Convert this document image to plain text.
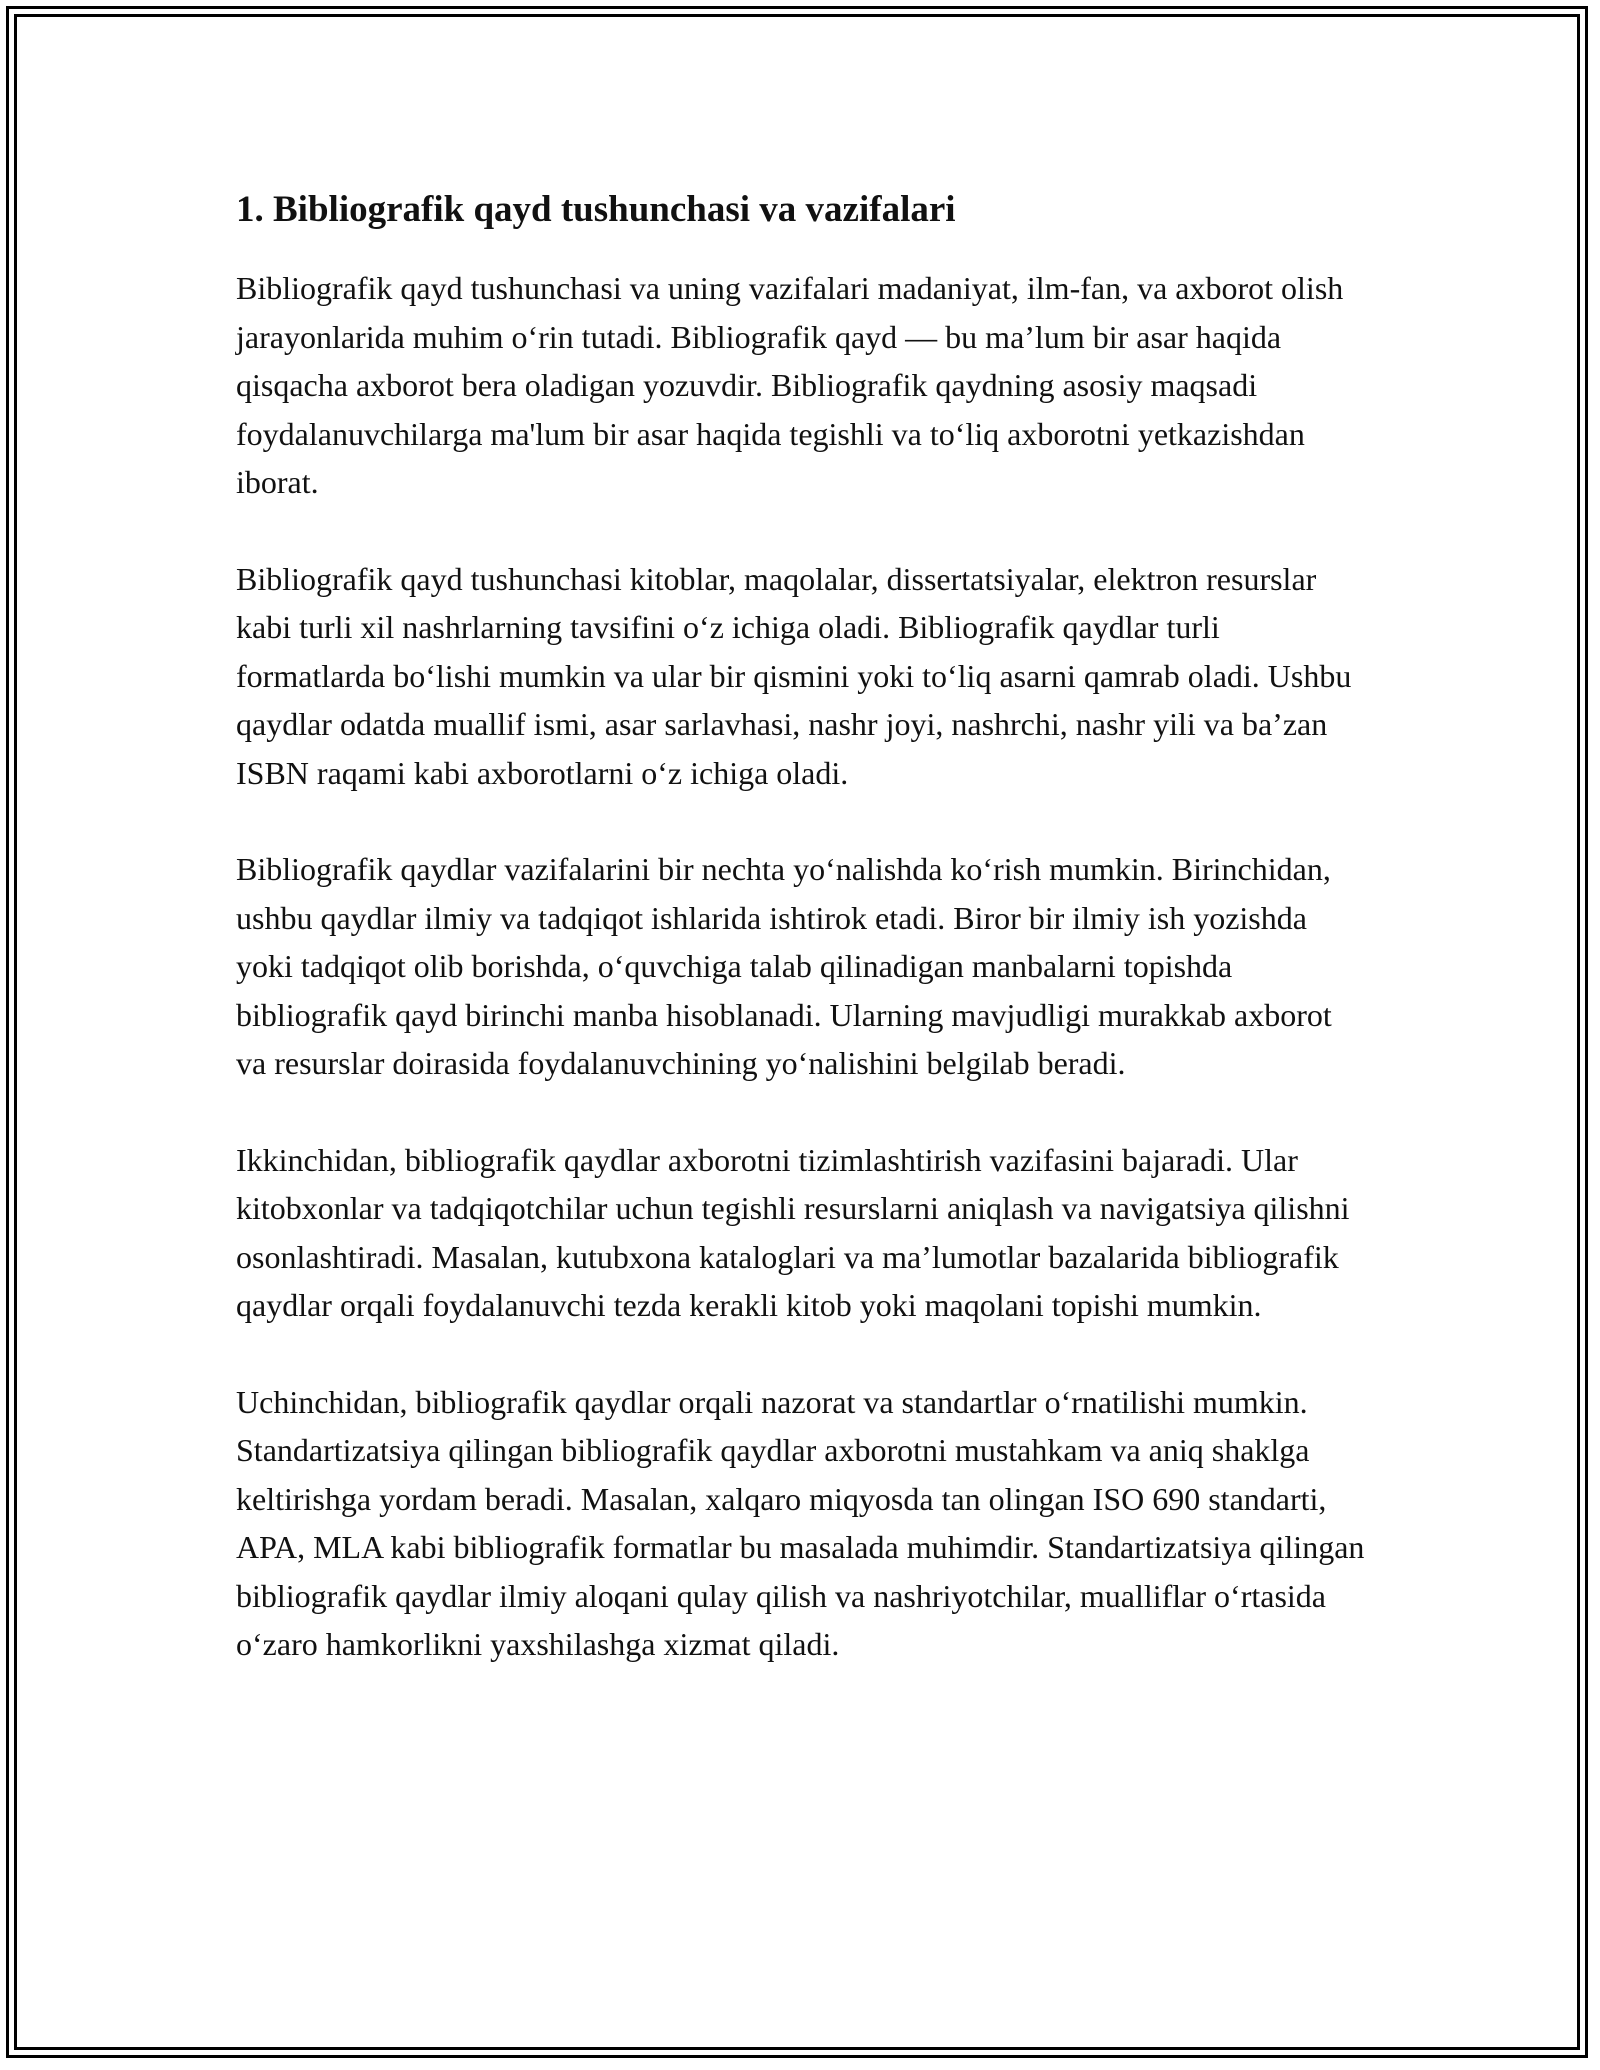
1. Bibliografik qayd tushunchasi va vazifalari

Bibliografik qayd tushunchasi va uning vazifalari madaniyat, ilm-fan, va axborot olish jarayonlarida muhim oʻrin tutadi. Bibliografik qayd — bu ma’lum bir asar haqida qisqacha axborot bera oladigan yozuvdir. Bibliografik qaydning asosiy maqsadi foydalanuvchilarga ma'lum bir asar haqida tegishli va toʻliq axborotni yetkazishdan iborat.

Bibliografik qayd tushunchasi kitoblar, maqolalar, dissertatsiyalar, elektron resurslar kabi turli xil nashrlarning tavsifini oʻz ichiga oladi. Bibliografik qaydlar turli formatlarda boʻlishi mumkin va ular bir qismini yoki toʻliq asarni qamrab oladi. Ushbu qaydlar odatda muallif ismi, asar sarlavhasi, nashr joyi, nashrchi, nashr yili va ba’zan ISBN raqami kabi axborotlarni oʻz ichiga oladi.

Bibliografik qaydlar vazifalarini bir nechta yoʻnalishda koʻrish mumkin. Birinchidan, ushbu qaydlar ilmiy va tadqiqot ishlarida ishtirok etadi. Biror bir ilmiy ish yozishda yoki tadqiqot olib borishda, oʻquvchiga talab qilinadigan manbalarni topishda bibliografik qayd birinchi manba hisoblanadi. Ularning mavjudligi murakkab axborot va resurslar doirasida foydalanuvchining yoʻnalishini belgilab beradi.

Ikkinchidan, bibliografik qaydlar axborotni tizimlashtirish vazifasini bajaradi. Ular kitobxonlar va tadqiqotchilar uchun tegishli resurslarni aniqlash va navigatsiya qilishni osonlashtiradi. Masalan, kutubxona kataloglari va ma’lumotlar bazalarida bibliografik qaydlar orqali foydalanuvchi tezda kerakli kitob yoki maqolani topishi mumkin.

Uchinchidan, bibliografik qaydlar orqali nazorat va standartlar oʻrnatilishi mumkin. Standartizatsiya qilingan bibliografik qaydlar axborotni mustahkam va aniq shaklga keltirishga yordam beradi. Masalan, xalqaro miqyosda tan olingan ISO 690 standarti, APA, MLA kabi bibliografik formatlar bu masalada muhimdir. Standartizatsiya qilingan bibliografik qaydlar ilmiy aloqani qulay qilish va nashriyotchilar, mualliflar oʻrtasida oʻzaro hamkorlikni yaxshilashga xizmat qiladi.
